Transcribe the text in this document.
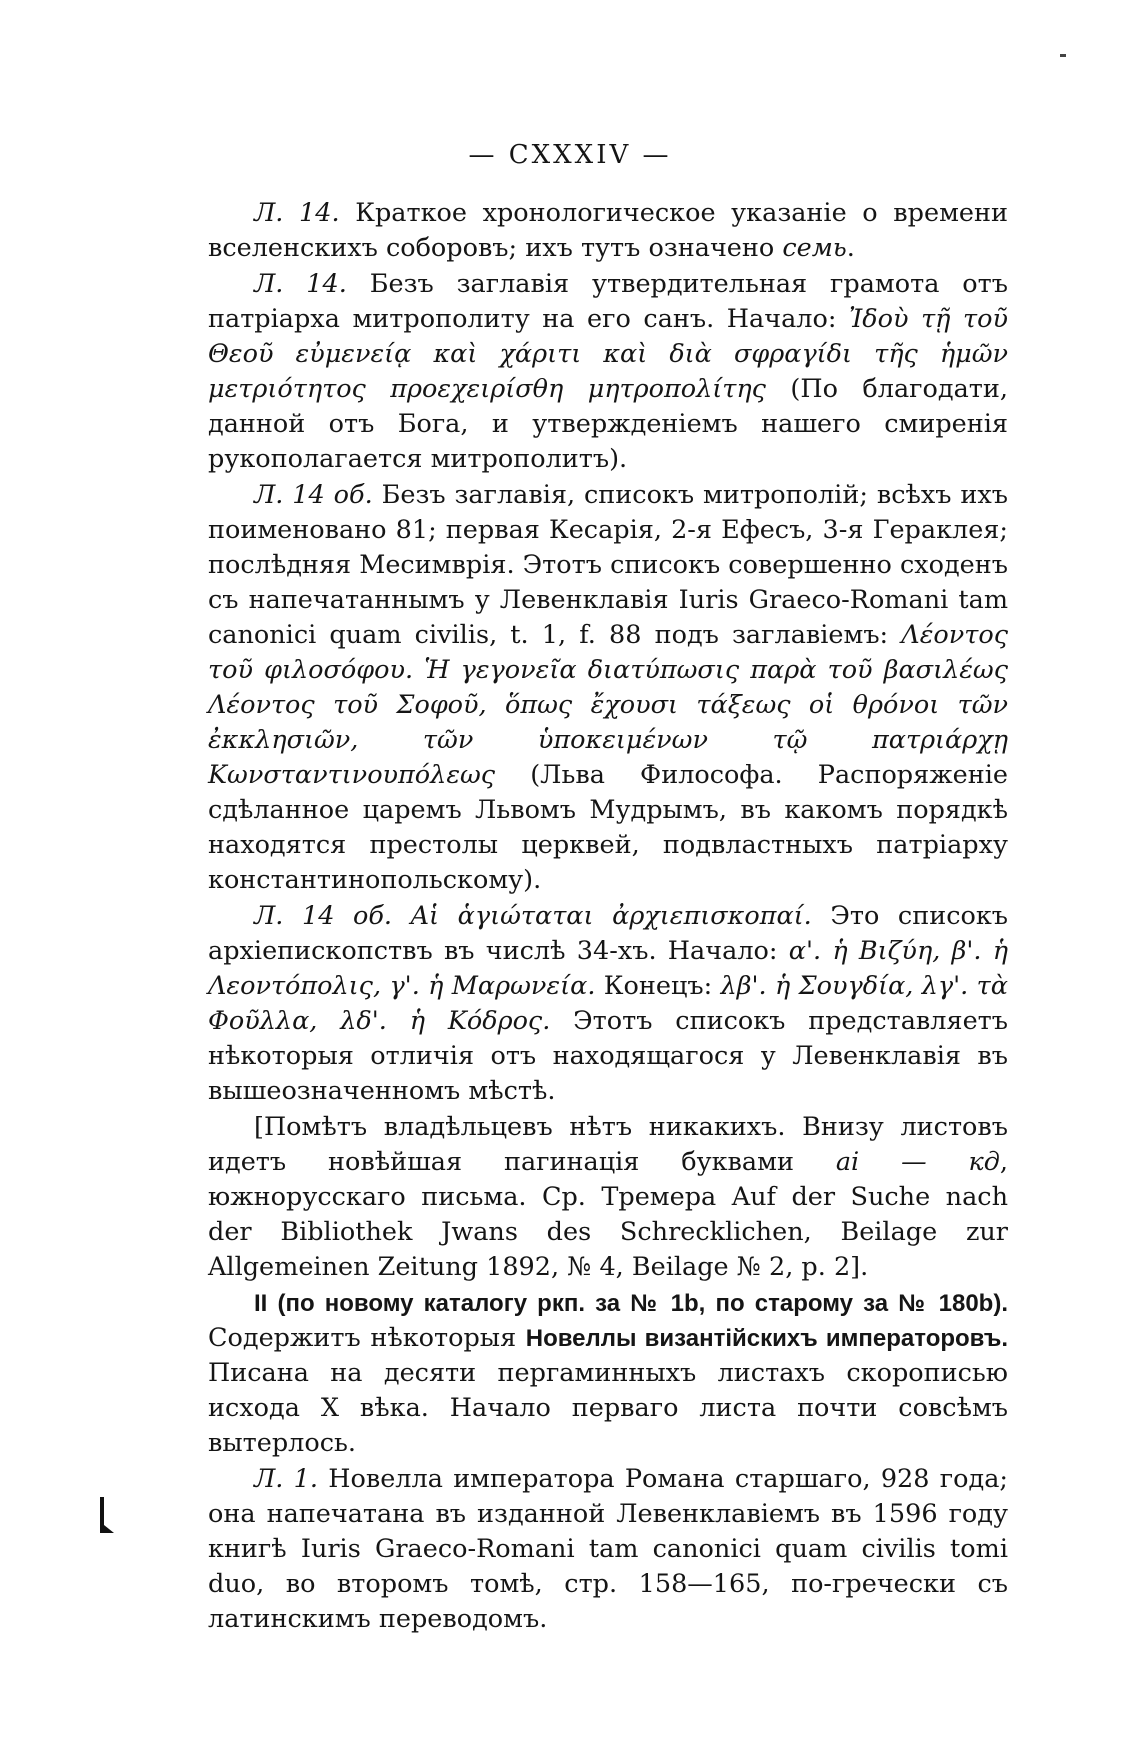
— CXXXIV —

Л. 14. Краткое хронологическое указаніе о времени вселенскихъ соборовъ; ихъ тутъ означено семь.

Л. 14. Безъ заглавія утвердительная грамота отъ патріарха митрополиту на его санъ. Начало: Ἰδοὺ τῇ τοῦ Θεοῦ εὐμενείᾳ καὶ χάριτι καὶ διὰ σφραγίδι τῆς ἡμῶν μετριότητος προεχειρίσθη μητροπολίτης (По благодати, данной отъ Бога, и утвержденіемъ нашего смиренія рукополагается митрополитъ).

Л. 14 об. Безъ заглавія, списокъ митрополій; всѣхъ ихъ поименовано 81; первая Кесарія, 2-я Ефесъ, 3-я Гераклея; послѣдняя Месимврія. Этотъ списокъ совершенно сходенъ съ напечатаннымъ у Левенклавія Iuris Graeco-Romani tam canonici quam civilis, t. 1, f. 88 подъ заглавіемъ: Λέοντος τοῦ φιλοσόφου. Ἡ γεγονεῖα διατύπωσις παρὰ τοῦ βασιλέως Λέοντος τοῦ Σοφοῦ, ὅπως ἔχουσι τάξεως οἱ θρόνοι τῶν ἐκκλησιῶν, τῶν ὑποκειμένων τῷ πατριάρχῃ Κωνσταντινουπόλεως (Льва Философа. Распоряженіе сдѣланное царемъ Львомъ Мудрымъ, въ какомъ порядкѣ находятся престолы церквей, подвластныхъ патріарху константинопольскому).

Л. 14 об. Αἱ ἁγιώταται ἀρχιεπισκοπαί. Это списокъ архіепископствъ въ числѣ 34-хъ. Начало: α'. ἡ Βιζύη, β'. ἡ Λεοντόπολις, γ'. ἡ Μαρωνεία. Конецъ: λβ'. ἡ Σουγδία, λγ'. τὰ Φοῦλλα, λδ'. ἡ Κόδρος. Этотъ списокъ представляетъ нѣкоторыя отличія отъ находящагося у Левенклавія въ вышеозначенномъ мѣстѣ.

[Помѣтъ владѣльцевъ нѣтъ никакихъ. Внизу листовъ идетъ новѣйшая пагинація буквами аі — кд, южнорусскаго письма. Ср. Тремера Auf der Suche nach der Bibliothek Jwans des Schrecklichen, Beilage zur Allgemeinen Zeitung 1892, № 4, Beilage № 2, p. 2].

II (по новому каталогу ркп. за № 1b, по старому за № 180b). Содержитъ нѣкоторыя Новеллы византійскихъ императоровъ. Писана на десяти пергаминныхъ листахъ скорописью исхода X вѣка. Начало перваго листа почти совсѣмъ вытерлось.

Л. 1. Новелла императора Романа старшаго, 928 года; она напечатана въ изданной Левенклавіемъ въ 1596 году книгѣ Iuris Graeco-Romani tam canonici quam civilis tomi duo, во второмъ томѣ, стр. 158—165, по-гречески съ латинскимъ переводомъ.
